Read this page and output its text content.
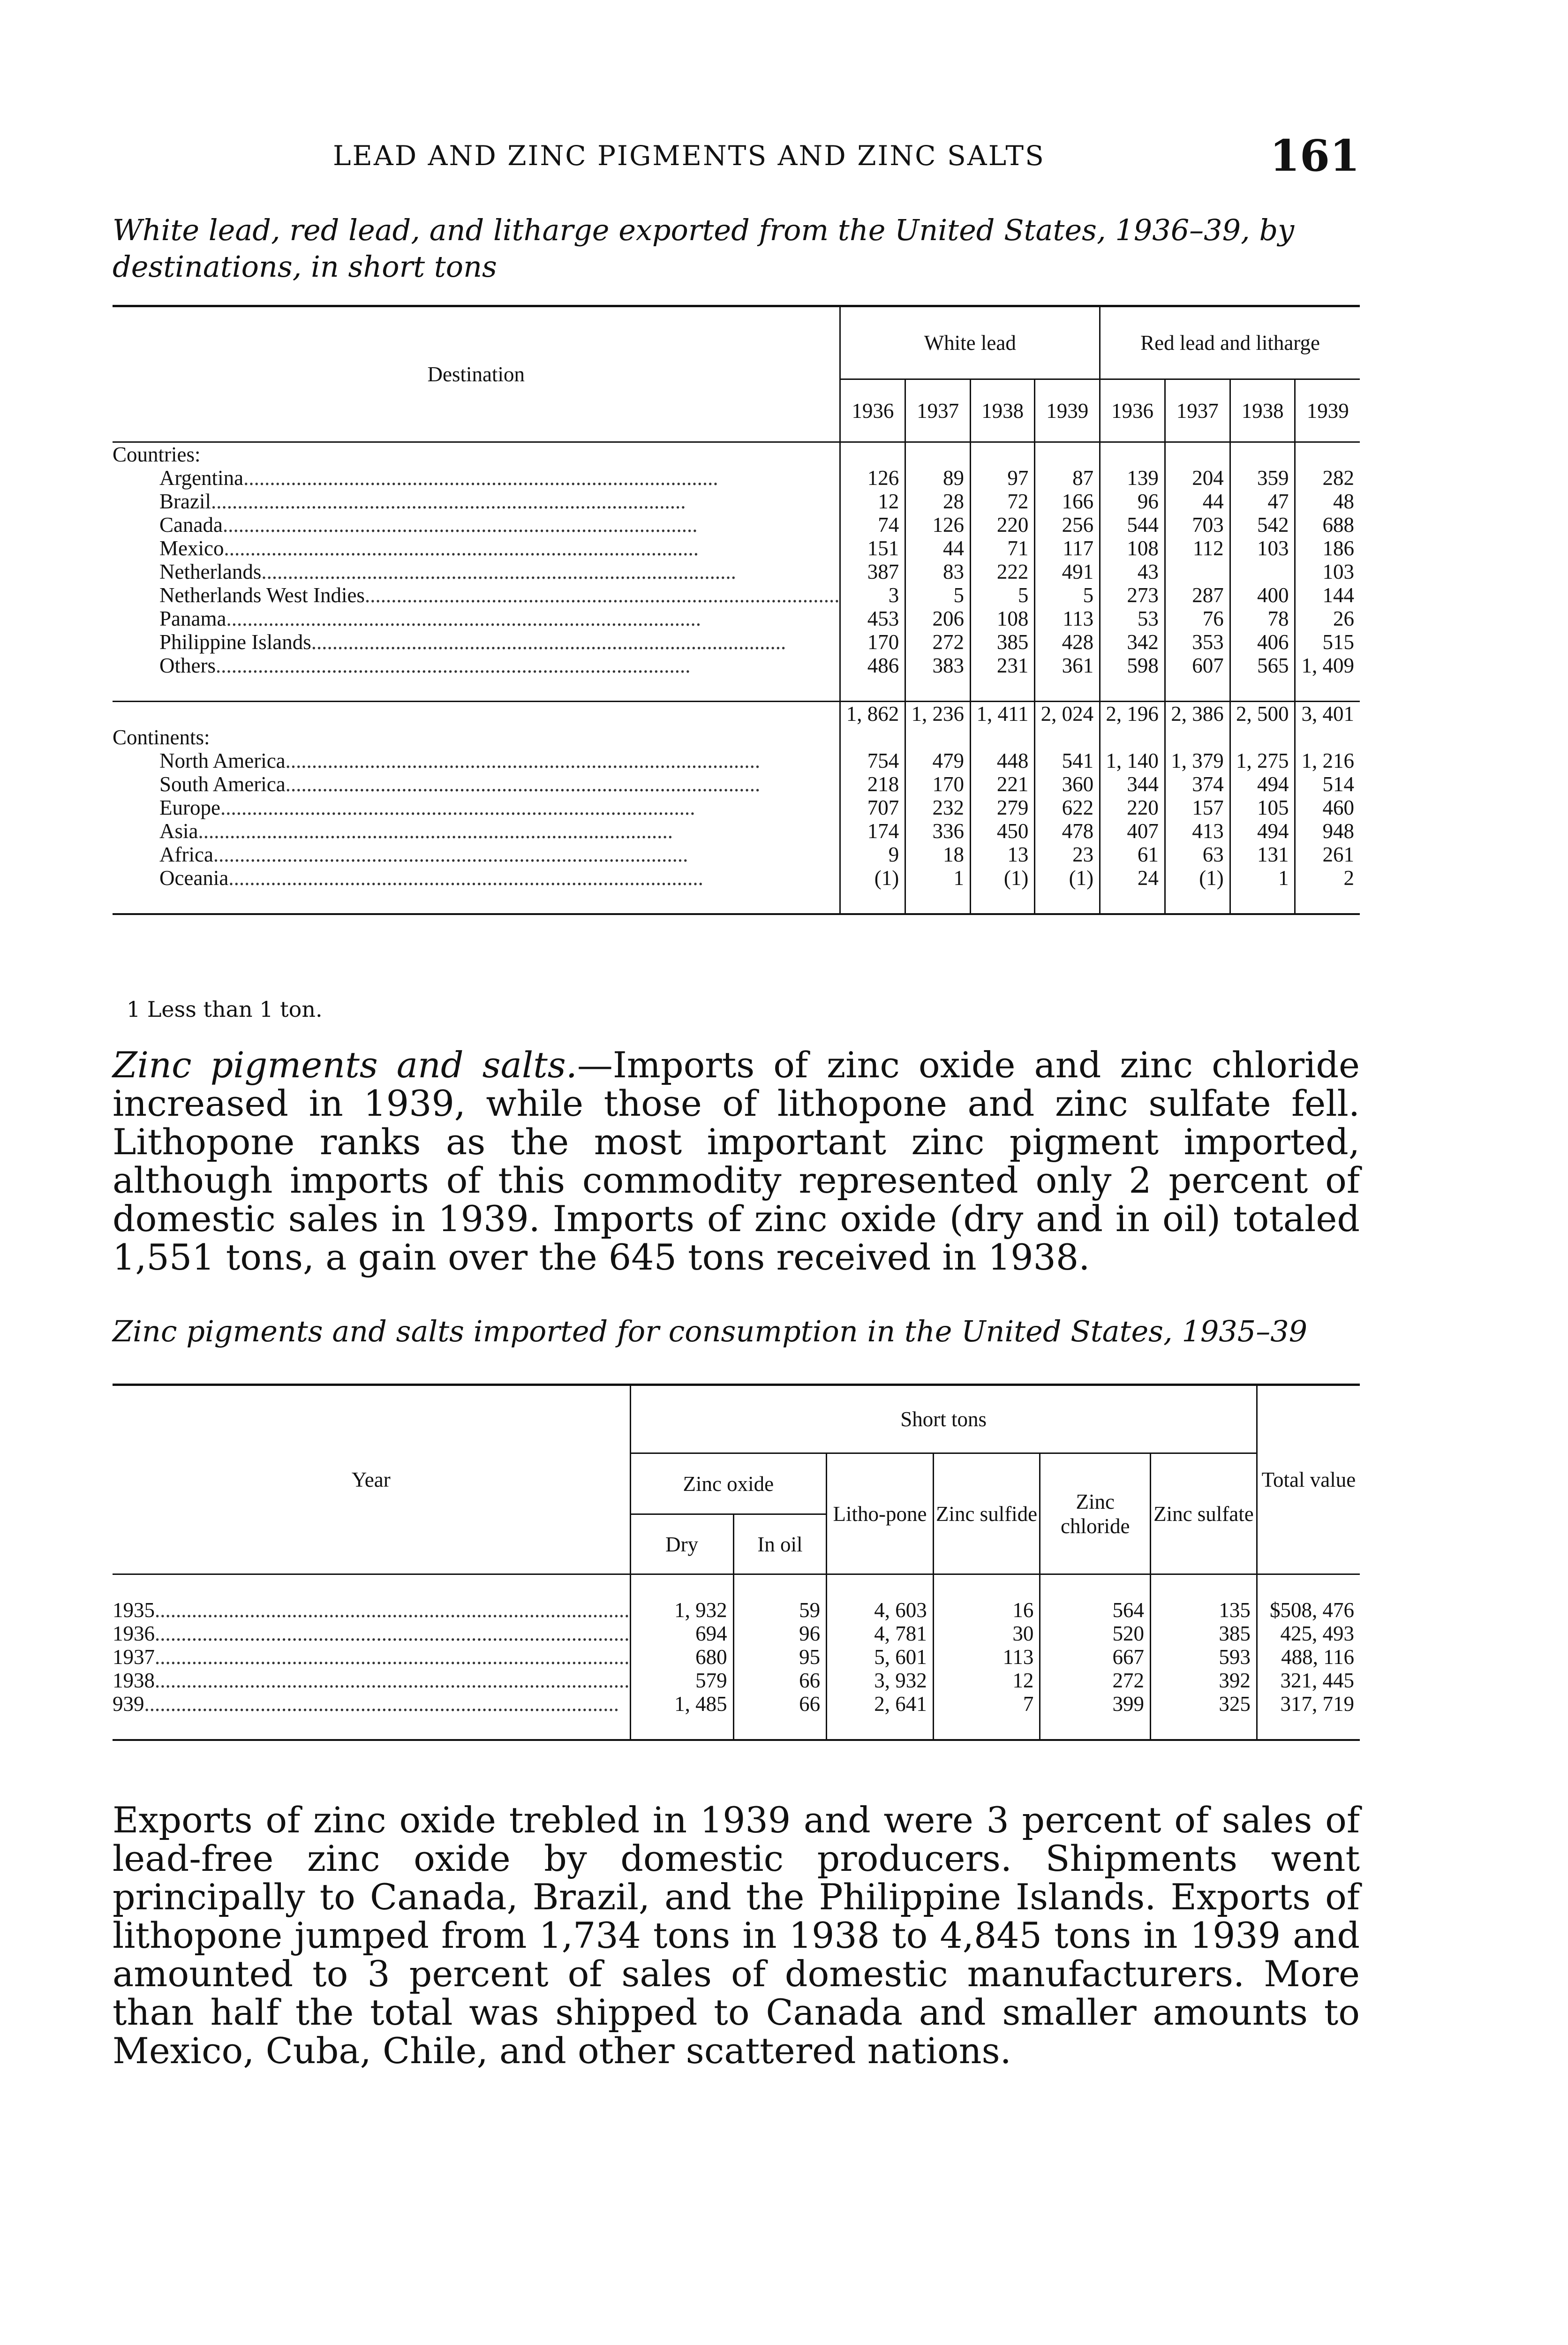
LEAD AND ZINC PIGMENTS AND ZINC SALTS	161
White lead, red lead, and litharge exported from the United States, 1936–39, by destinations, in short tons
Destination	White lead				Red lead and litharge			
	1936	1937	1938	1939	1936	1937	1938	1939
Countries:								
Argentina..........................................................................................	126	89	97	87	139	204	359	282
Brazil..........................................................................................	12	28	72	166	96	44	47	48
Canada..........................................................................................	74	126	220	256	544	703	542	688
Mexico..........................................................................................	151	44	71	117	108	112	103	186
Netherlands..........................................................................................	387	83	222	491	43			103
Netherlands West Indies..........................................................................................	3	5	5	5	273	287	400	144
Panama..........................................................................................	453	206	108	113	53	76	78	26
Philippine Islands..........................................................................................	170	272	385	428	342	353	406	515
Others..........................................................................................	486	383	231	361	598	607	565	1, 409

	1, 862	1, 236	1, 411	2, 024	2, 196	2, 386	2, 500	3, 401
Continents:								
North America..........................................................................................	754	479	448	541	1, 140	1, 379	1, 275	1, 216
South America..........................................................................................	218	170	221	360	344	374	494	514
Europe..........................................................................................	707	232	279	622	220	157	105	460
Asia..........................................................................................	174	336	450	478	407	413	494	948
Africa..........................................................................................	9	18	13	23	61	63	131	261
Oceania..........................................................................................	(1)	1	(1)	(1)	24	(1)	1	2

1 Less than 1 ton.
Zinc pigments and salts.—Imports of zinc oxide and zinc chloride increased in 1939, while those of lithopone and zinc sulfate fell. Lithopone ranks as the most important zinc pigment imported, although imports of this commodity represented only 2 percent of domestic sales in 1939. Imports of zinc oxide (dry and in oil) totaled 1,551 tons, a gain over the 645 tons received in 1938.
Zinc pigments and salts imported for consumption in the United States, 1935–39
Year	Short tons						Total value
	Zinc oxide		Litho-pone	Zinc sulfide	Zinc chloride	Zinc sulfate	
	Dry	In oil					

1935..........................................................................................	1, 932	59	4, 603	16	564	135	$508, 476
1936..........................................................................................	694	96	4, 781	30	520	385	425, 493
1937..........................................................................................	680	95	5, 601	113	667	593	488, 116
1938..........................................................................................	579	66	3, 932	12	272	392	321, 445
939..........................................................................................	1, 485	66	2, 641	7	399	325	317, 719

Exports of zinc oxide trebled in 1939 and were 3 percent of sales of lead-free zinc oxide by domestic producers. Shipments went principally to Canada, Brazil, and the Philippine Islands. Exports of lithopone jumped from 1,734 tons in 1938 to 4,845 tons in 1939 and amounted to 3 percent of sales of domestic manufacturers. More than half the total was shipped to Canada and smaller amounts to Mexico, Cuba, Chile, and other scattered nations.
